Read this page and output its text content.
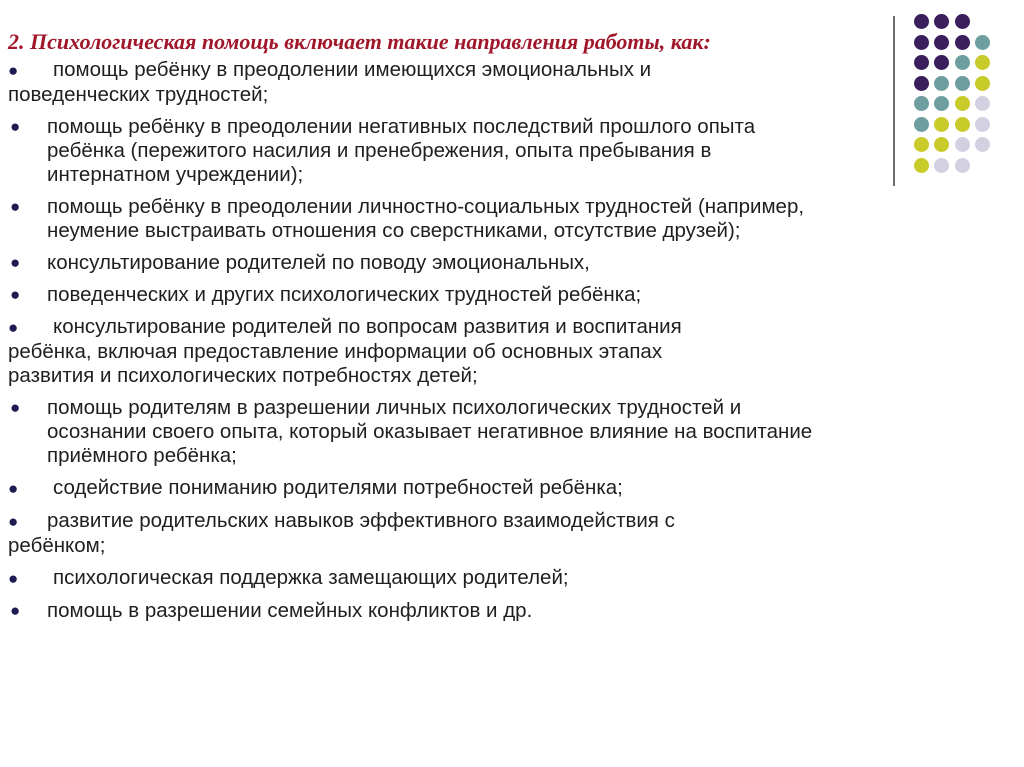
2. Психологическая помощь включает такие направления работы, как:
● помощь ребёнку в преодолении имеющихся эмоциональных и
поведенческих трудностей;
● помощь ребёнку в преодолении негативных последствий прошлого опыта
ребёнка (пережитого насилия и пренебрежения, опыта пребывания в
интернатном учреждении);
● помощь ребёнку в преодолении личностно-социальных трудностей (например,
неумение выстраивать отношения со сверстниками, отсутствие друзей);
● консультирование родителей по поводу эмоциональных,
● поведенческих и других психологических трудностей ребёнка;
● консультирование родителей по вопросам развития и воспитания
ребёнка, включая предоставление информации об основных этапах
развития и психологических потребностях детей;
● помощь родителям в разрешении личных психологических трудностей и
осознании своего опыта, который оказывает негативное влияние на воспитание
приёмного ребёнка;
● содействие пониманию родителями потребностей ребёнка;
● развитие родительских навыков эффективного взаимодействия с
ребёнком;
● психологическая поддержка замещающих родителей;
● помощь в разрешении семейных конфликтов и др.
